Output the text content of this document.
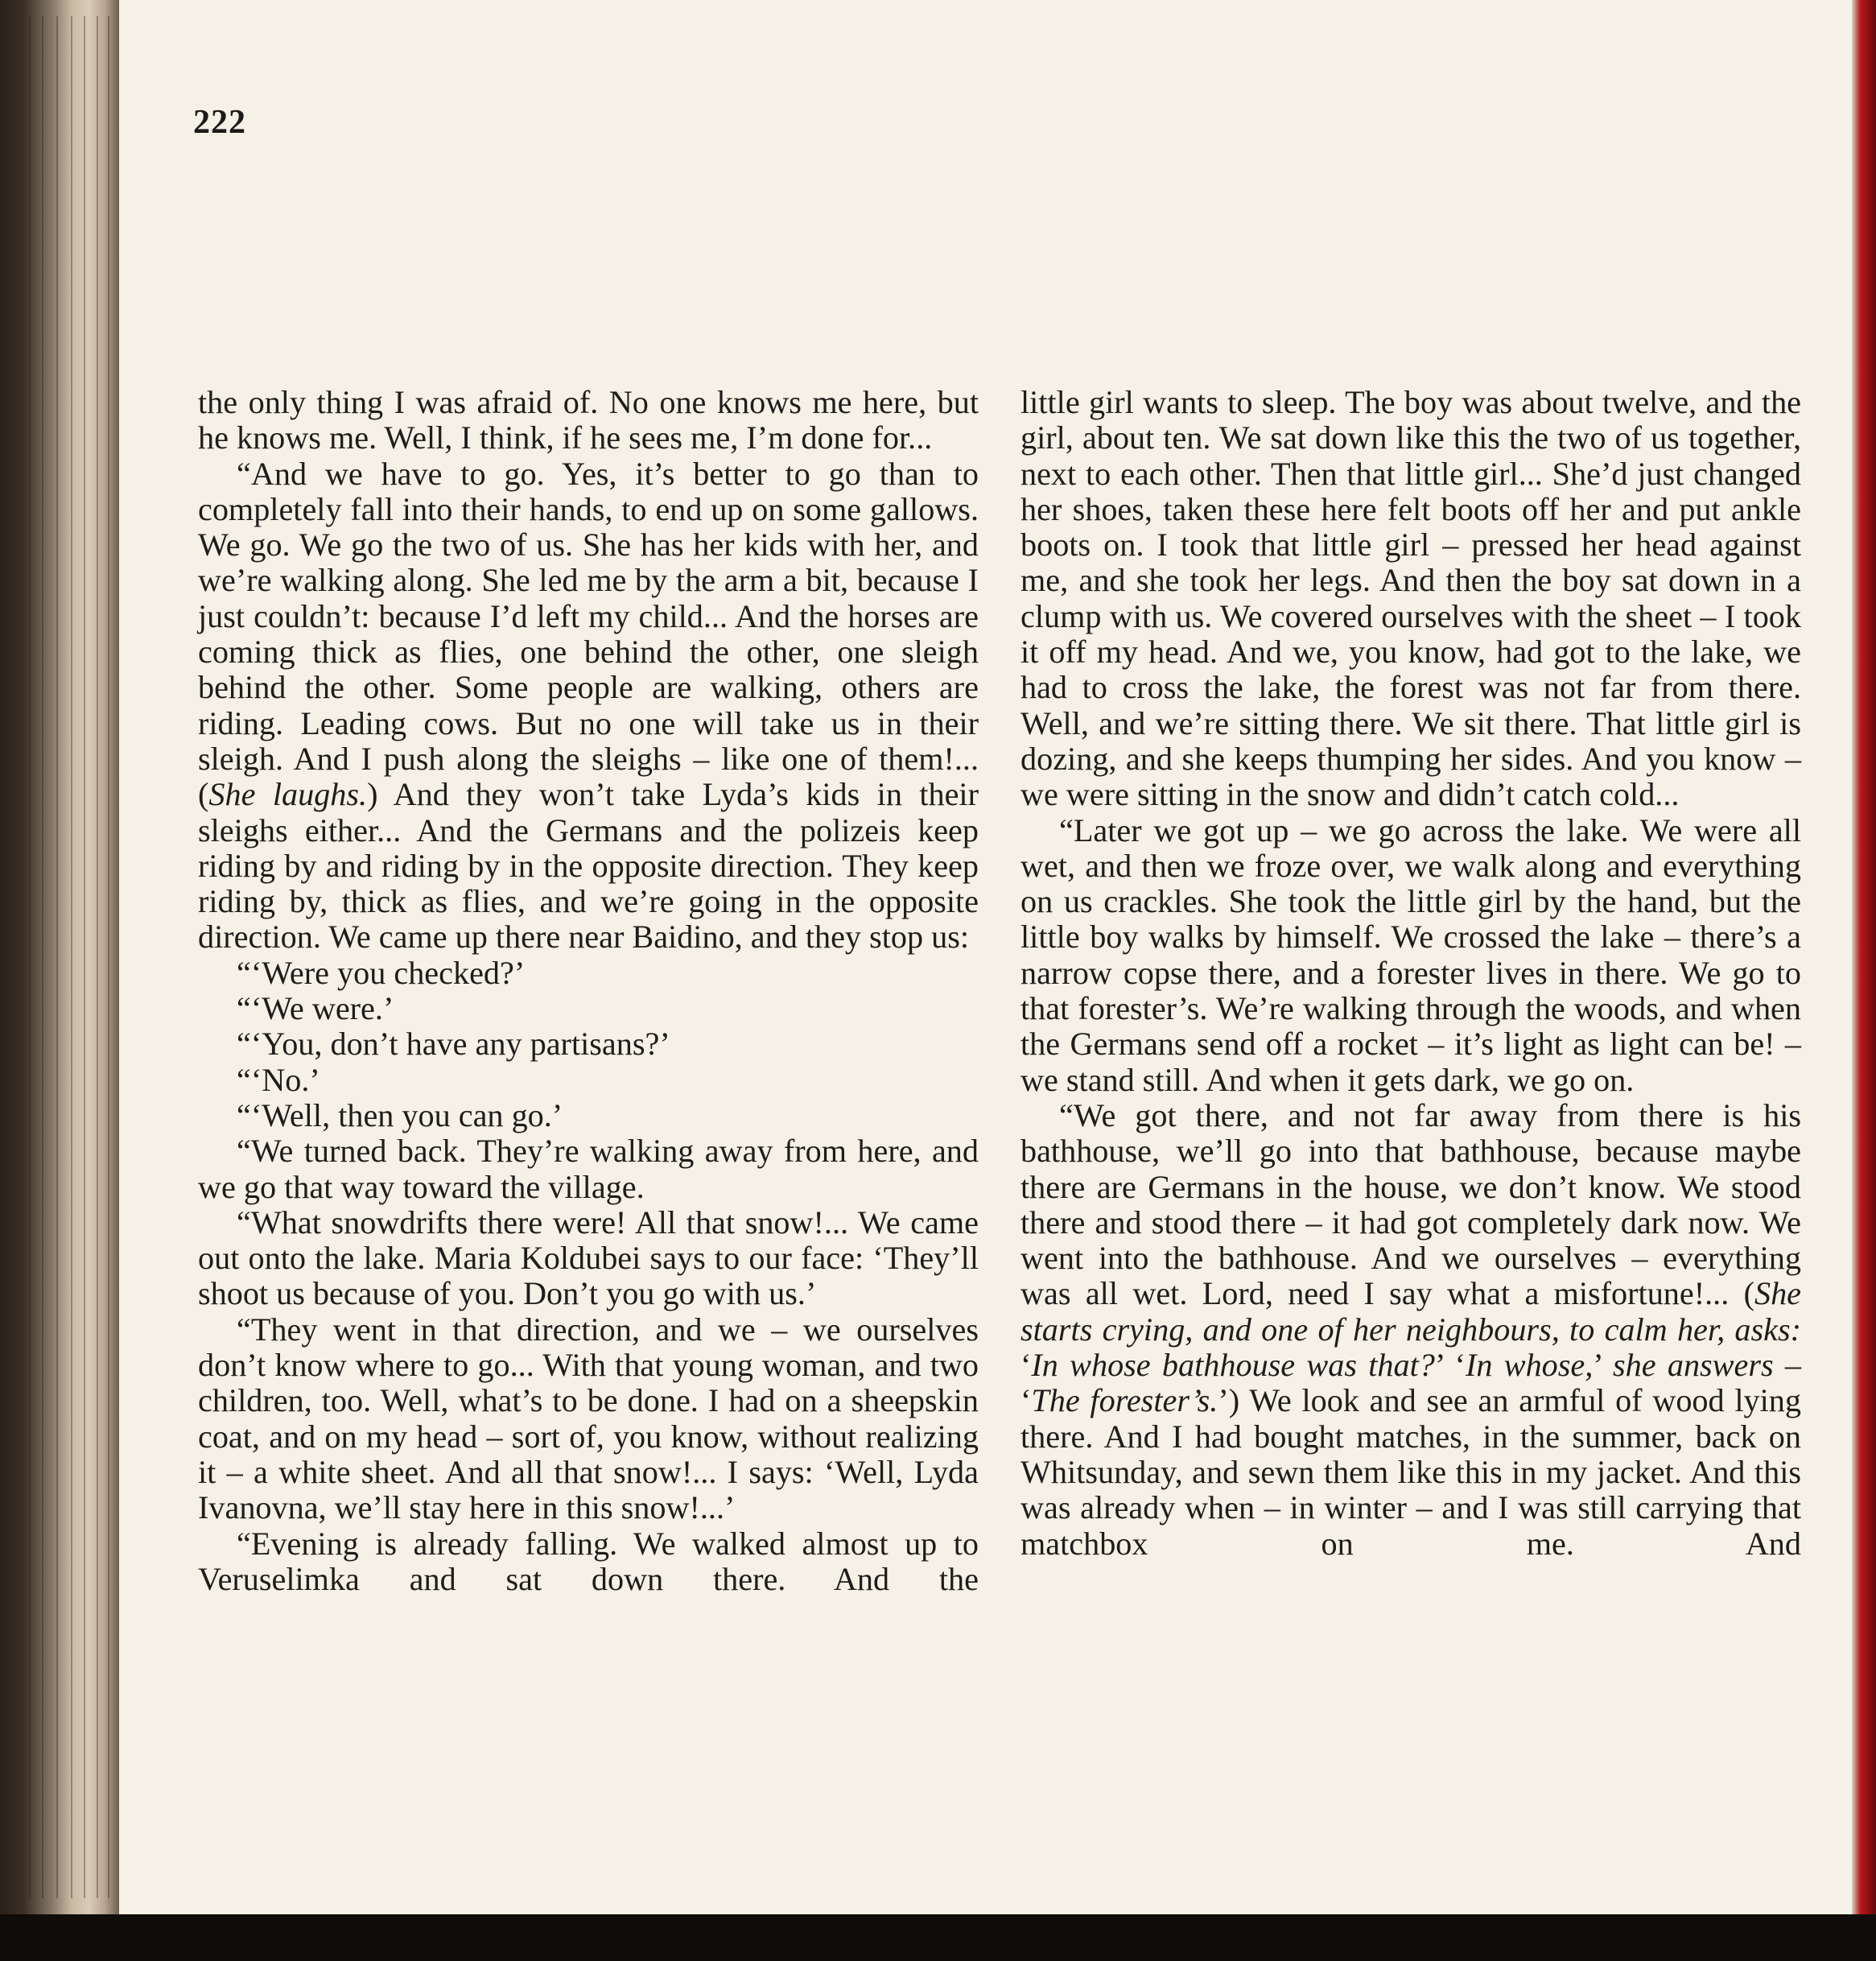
222

the only thing I was afraid of. No one knows me here, but he knows me. Well, I think, if he sees me, I’m done for...

“And we have to go. Yes, it’s better to go than to completely fall into their hands, to end up on some gallows. We go. We go the two of us. She has her kids with her, and we’re walking along. She led me by the arm a bit, because I just couldn’t: because I’d left my child... And the horses are coming thick as flies, one behind the other, one sleigh behind the other. Some people are walking, others are riding. Leading cows. But no one will take us in their sleigh. And I push along the sleighs – like one of them!... (She laughs.) And they won’t take Lyda’s kids in their sleighs either... And the Germans and the polizeis keep riding by and riding by in the opposite direction. They keep riding by, thick as flies, and we’re going in the opposite direction. We came up there near Baidino, and they stop us:

“‘Were you checked?’

“‘We were.’

“‘You, don’t have any partisans?’

“‘No.’

“‘Well, then you can go.’

“We turned back. They’re walking away from here, and we go that way toward the village.

“What snowdrifts there were! All that snow!... We came out onto the lake. Maria Koldubei says to our face: ‘They’ll shoot us because of you. Don’t you go with us.’

“They went in that direction, and we – we ourselves don’t know where to go... With that young woman, and two children, too. Well, what’s to be done. I had on a sheepskin coat, and on my head – sort of, you know, without realizing it – a white sheet. And all that snow!... I says: ‘Well, Lyda Ivanovna, we’ll stay here in this snow!...’

“Evening is already falling. We walked almost up to Veruselimka and sat down there. And the

little girl wants to sleep. The boy was about twelve, and the girl, about ten. We sat down like this the two of us together, next to each other. Then that little girl... She’d just changed her shoes, taken these here felt boots off her and put ankle boots on. I took that little girl – pressed her head against me, and she took her legs. And then the boy sat down in a clump with us. We covered ourselves with the sheet – I took it off my head. And we, you know, had got to the lake, we had to cross the lake, the forest was not far from there. Well, and we’re sitting there. We sit there. That little girl is dozing, and she keeps thumping her sides. And you know – we were sitting in the snow and didn’t catch cold...

“Later we got up – we go across the lake. We were all wet, and then we froze over, we walk along and everything on us crackles. She took the little girl by the hand, but the little boy walks by himself. We crossed the lake – there’s a narrow copse there, and a forester lives in there. We go to that forester’s. We’re walking through the woods, and when the Germans send off a rocket – it’s light as light can be! – we stand still. And when it gets dark, we go on.

“We got there, and not far away from there is his bathhouse, we’ll go into that bathhouse, because maybe there are Germans in the house, we don’t know. We stood there and stood there – it had got completely dark now. We went into the bathhouse. And we ourselves – everything was all wet. Lord, need I say what a misfortune!... (She starts crying, and one of her neighbours, to calm her, asks: ‘In whose bathhouse was that?’ ‘In whose,’ she answers – ‘The forester’s.’) We look and see an armful of wood lying there. And I had bought matches, in the summer, back on Whitsunday, and sewn them like this in my jacket. And this was already when – in winter – and I was still carrying that matchbox on me. And
